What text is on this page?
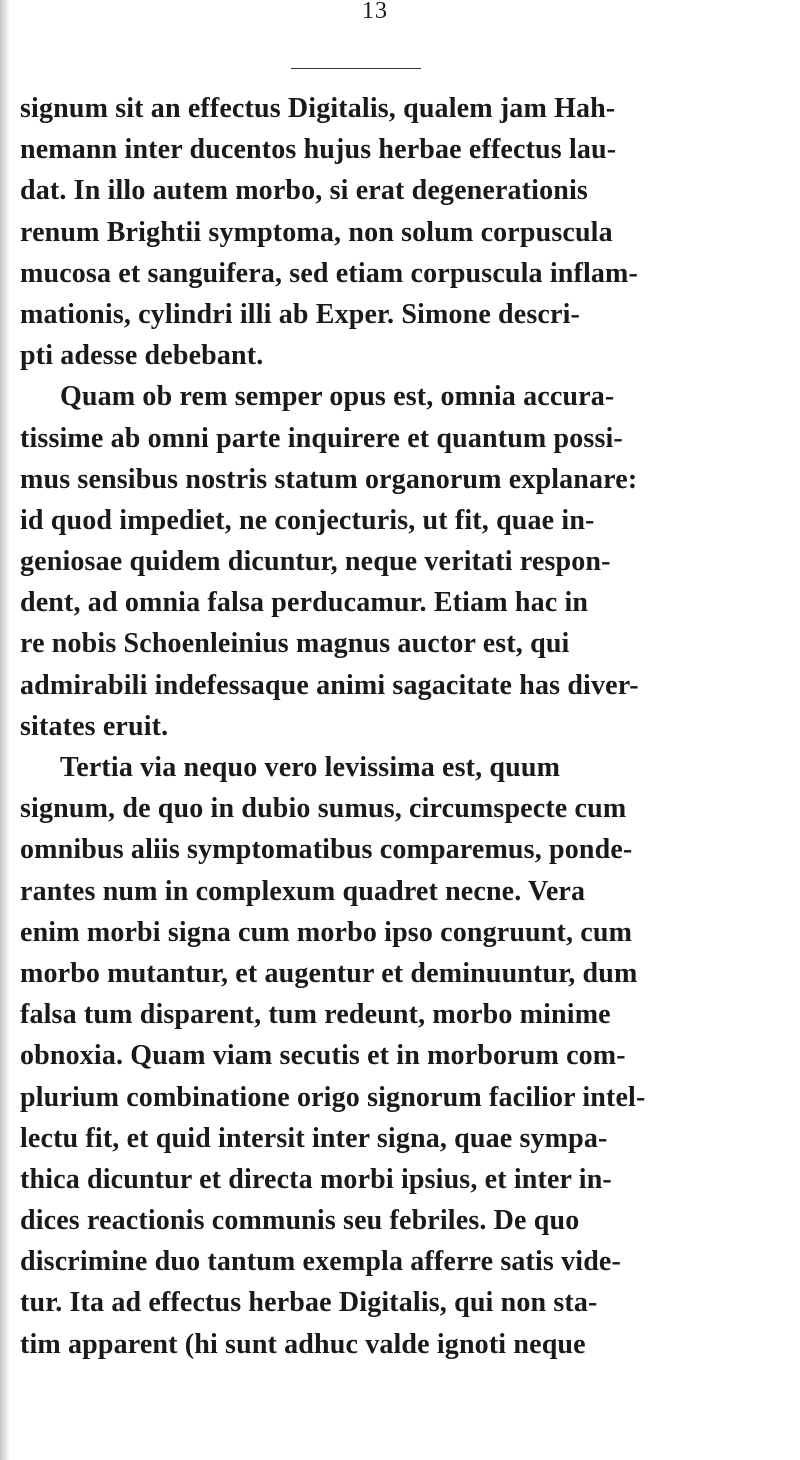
13
signum sit an effectus Digitalis, qualem jam Hah-
nemann inter ducentos hujus herbae effectus lau-
dat. In illo autem morbo, si erat degenerationis
renum Brightii symptoma, non solum corpuscula
mucosa et sanguifera, sed etiam corpuscula inflam-
mationis, cylindri illi ab Exper. Simone descri-
pti adesse debebant.
Quam ob rem semper opus est, omnia accura-
tissime ab omni parte inquirere et quantum possi-
mus sensibus nostris statum organorum explanare:
id quod impediet, ne conjecturis, ut fit, quae in-
geniosae quidem dicuntur, neque veritati respon-
dent, ad omnia falsa perducamur. Etiam hac in
re nobis Schoenleinius magnus auctor est, qui
admirabili indefessaque animi sagacitate has diver-
sitates eruit.
Tertia via nequo vero levissima est, quum
signum, de quo in dubio sumus, circumspecte cum
omnibus aliis symptomatibus comparemus, ponde-
rantes num in complexum quadret necne. Vera
enim morbi signa cum morbo ipso congruunt, cum
morbo mutantur, et augentur et deminuuntur, dum
falsa tum disparent, tum redeunt, morbo minime
obnoxia. Quam viam secutis et in morborum com-
plurium combinatione origo signorum facilior intel-
lectu fit, et quid intersit inter signa, quae sympa-
thica dicuntur et directa morbi ipsius, et inter in-
dices reactionis communis seu febriles. De quo
discrimine duo tantum exempla afferre satis vide-
tur. Ita ad effectus herbae Digitalis, qui non sta-
tim apparent (hi sunt adhuc valde ignoti neque
